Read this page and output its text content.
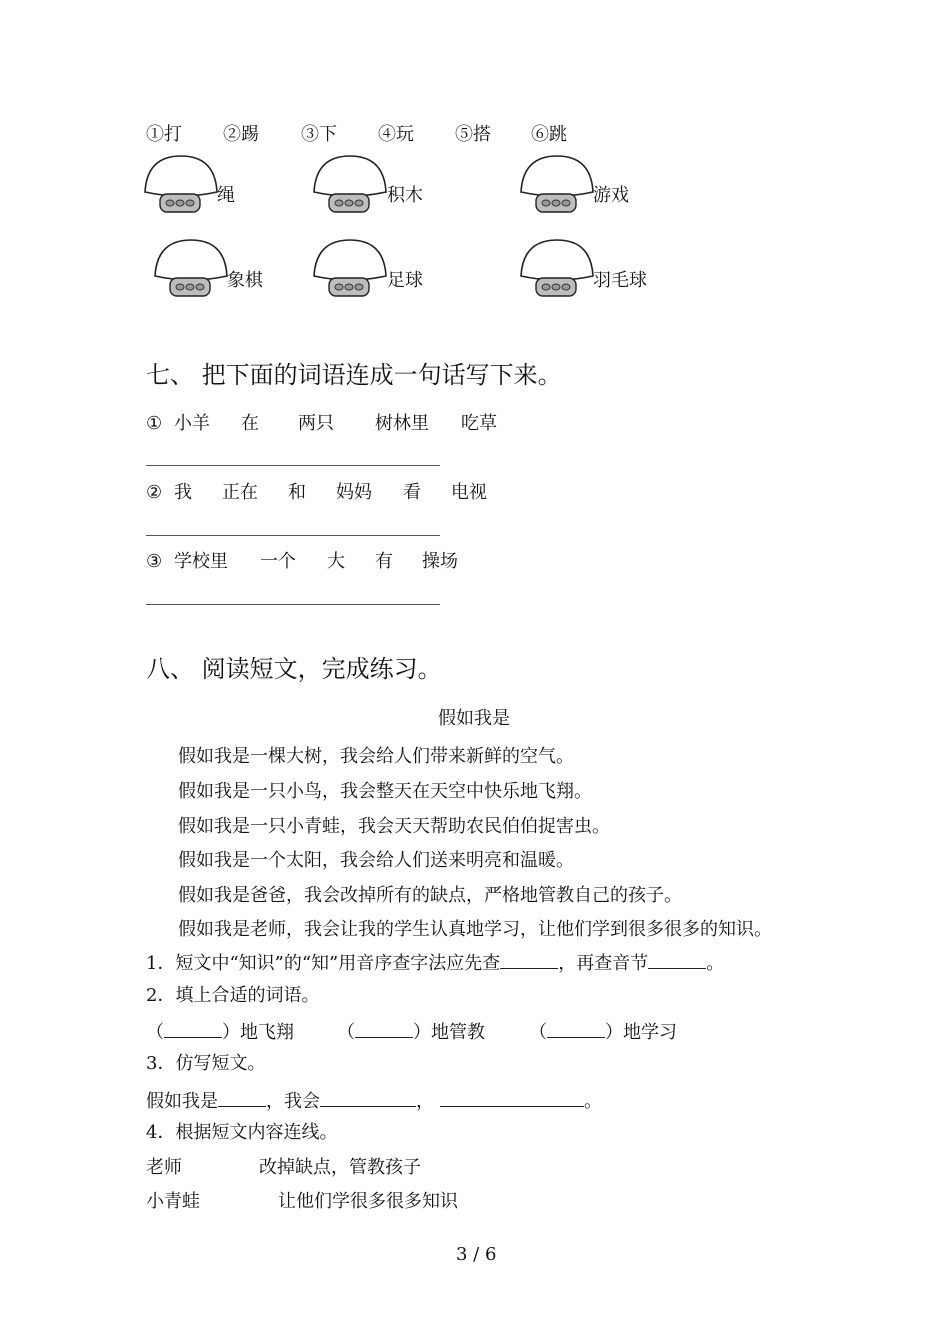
①打 ②踢 ③下 ④玩 ⑤搭 ⑥跳
绳	积木	游戏
象棋	足球	羽毛球
七、 把下面的词语连成一句话写下来。
① 小羊 在 两只 树林里 吃草
② 我 正在 和 妈妈 看 电视
③ 学校里 一个 大 有 操场
八、 阅读短文，完成练习。
假如我是
假如我是一棵大树，我会给人们带来新鲜的空气。
假如我是一只小鸟，我会整天在天空中快乐地飞翔。
假如我是一只小青蛙，我会天天帮助农民伯伯捉害虫。
假如我是一个太阳，我会给人们送来明亮和温暖。
假如我是爸爸，我会改掉所有的缺点，严格地管教自己的孩子。
假如我是老师，我会让我的学生认真地学习，让他们学到很多很多的知识。
1．短文中“知识”的“知”用音序查字法应先查	，再查音节	。
2．填上合适的词语。
（	）地飞翔 （	）地管教 （	）地学习
3．仿写短文。
假如我是	，我会	，	。
4．根据短文内容连线。
老师	改掉缺点，管教孩子
小青蛙	让他们学很多很多知识
3 / 6
